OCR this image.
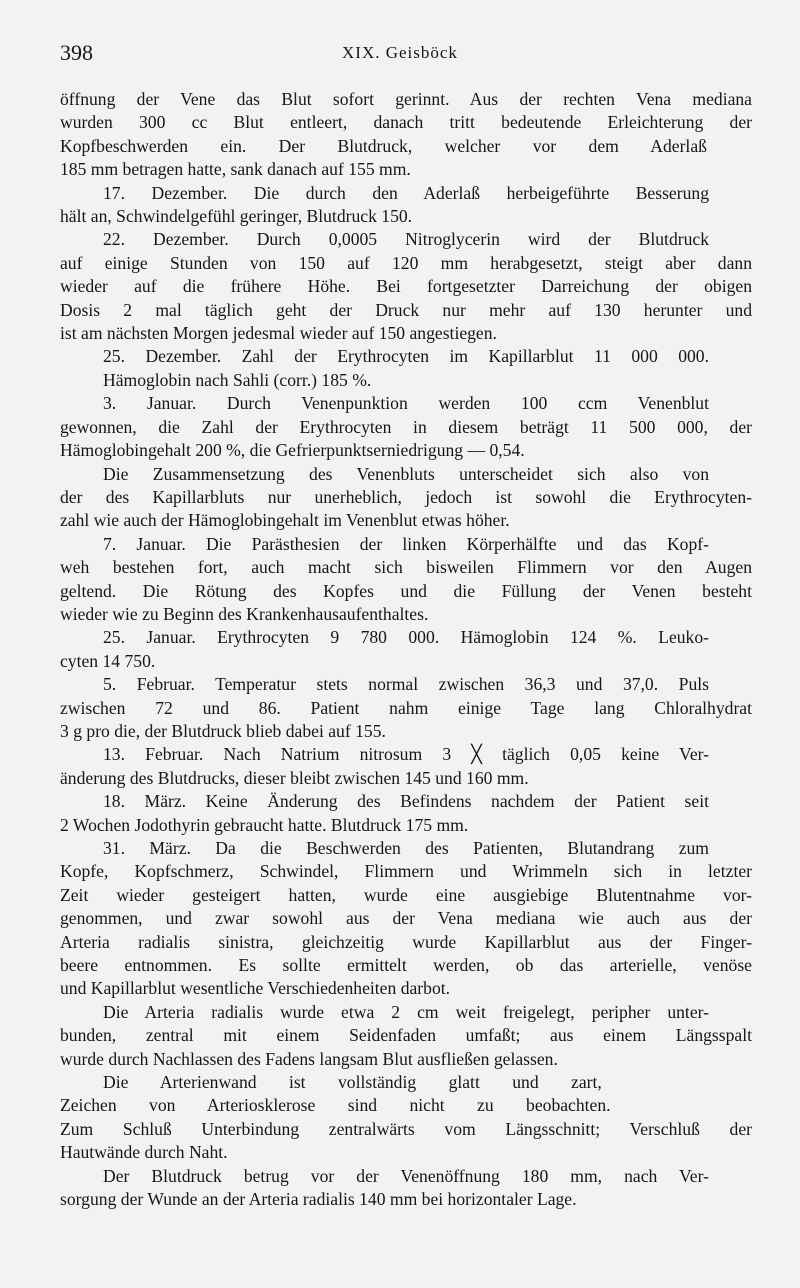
398	XIX. Geisböck
öffnung der Vene das Blut sofort gerinnt. Aus der rechten Vena mediana
wurden 300 cc Blut entleert, danach tritt bedeutende Erleichterung der
Kopfbeschwerden ein. Der Blutdruck, welcher vor dem Aderlaß
185 mm betragen hatte, sank danach auf 155 mm.
17. Dezember. Die durch den Aderlaß herbeigeführte Besserung
hält an, Schwindelgefühl geringer, Blutdruck 150.
22. Dezember. Durch 0,0005 Nitroglycerin wird der Blutdruck
auf einige Stunden von 150 auf 120 mm herabgesetzt, steigt aber dann
wieder auf die frühere Höhe. Bei fortgesetzter Darreichung der obigen
Dosis 2 mal täglich geht der Druck nur mehr auf 130 herunter und
ist am nächsten Morgen jedesmal wieder auf 150 angestiegen.
25. Dezember. Zahl der Erythrocyten im Kapillarblut 11 000 000.
Hämoglobin nach Sahli (corr.) 185 %.
3. Januar. Durch Venenpunktion werden 100 ccm Venenblut
gewonnen, die Zahl der Erythrocyten in diesem beträgt 11 500 000, der
Hämoglobingehalt 200 %, die Gefrierpunktserniedrigung — 0,54.
Die Zusammensetzung des Venenbluts unterscheidet sich also von
der des Kapillarbluts nur unerheblich, jedoch ist sowohl die Erythrocyten-
zahl wie auch der Hämoglobingehalt im Venenblut etwas höher.
7. Januar. Die Parästhesien der linken Körperhälfte und das Kopf-
weh bestehen fort, auch macht sich bisweilen Flimmern vor den Augen
geltend. Die Rötung des Kopfes und die Füllung der Venen besteht
wieder wie zu Beginn des Krankenhausaufenthaltes.
25. Januar. Erythrocyten 9 780 000. Hämoglobin 124 %. Leuko-
cyten 14 750.
5. Februar. Temperatur stets normal zwischen 36,3 und 37,0. Puls
zwischen 72 und 86. Patient nahm einige Tage lang Chloralhydrat
3 g pro die, der Blutdruck blieb dabei auf 155.
13. Februar. Nach Natrium nitrosum 3 ╳ täglich 0,05 keine Ver-
änderung des Blutdrucks, dieser bleibt zwischen 145 und 160 mm.
18. März. Keine Änderung des Befindens nachdem der Patient seit
2 Wochen Jodothyrin gebraucht hatte. Blutdruck 175 mm.
31. März. Da die Beschwerden des Patienten, Blutandrang zum
Kopfe, Kopfschmerz, Schwindel, Flimmern und Wrimmeln sich in letzter
Zeit wieder gesteigert hatten, wurde eine ausgiebige Blutentnahme vor-
genommen, und zwar sowohl aus der Vena mediana wie auch aus der
Arteria radialis sinistra, gleichzeitig wurde Kapillarblut aus der Finger-
beere entnommen. Es sollte ermittelt werden, ob das arterielle, venöse
und Kapillarblut wesentliche Verschiedenheiten darbot.
Die Arteria radialis wurde etwa 2 cm weit freigelegt, peripher unter-
bunden, zentral mit einem Seidenfaden umfaßt; aus einem Längsspalt
wurde durch Nachlassen des Fadens langsam Blut ausfließen gelassen.
Die Arterienwand ist vollständig glatt und zart,
Zeichen von Arteriosklerose sind nicht zu beobachten.
Zum Schluß Unterbindung zentralwärts vom Längsschnitt; Verschluß der
Hautwände durch Naht.
Der Blutdruck betrug vor der Venenöffnung 180 mm, nach Ver-
sorgung der Wunde an der Arteria radialis 140 mm bei horizontaler Lage.
